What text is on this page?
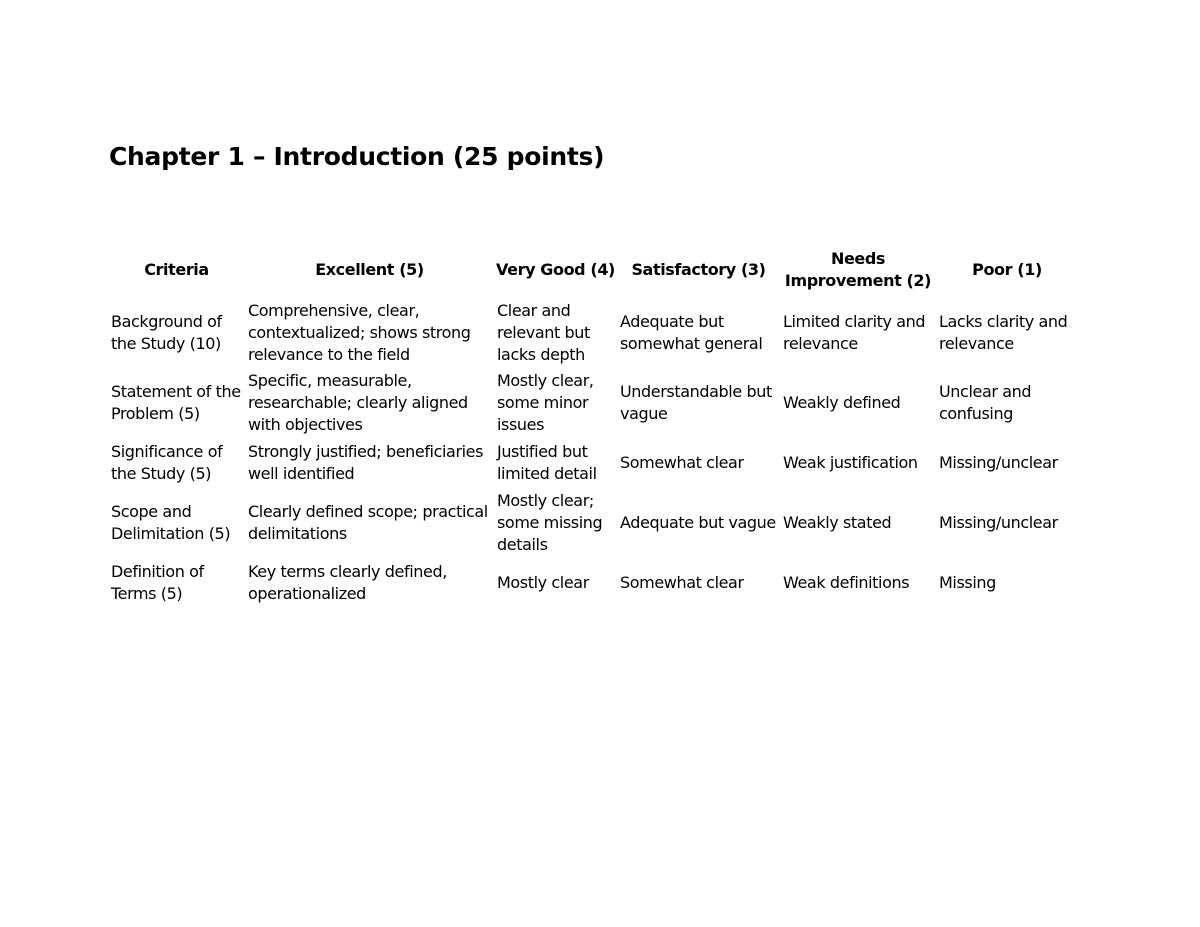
Chapter 1 – Introduction (25 points)
Criteria	Excellent (5)	Very Good (4)	Satisfactory (3)	Needs Improvement (2)	Poor (1)
Background of the Study (10)	Comprehensive, clear, contextualized; shows strong relevance to the field	Clear and relevant but lacks depth	Adequate but somewhat general	Limited clarity and relevance	Lacks clarity and relevance
Statement of the Problem (5)	Specific, measurable, researchable; clearly aligned with objectives	Mostly clear, some minor issues	Understandable but vague	Weakly defined	Unclear and confusing
Significance of the Study (5)	Strongly justified; beneficiaries well identified	Justified but limited detail	Somewhat clear	Weak justification	Missing/unclear
Scope and Delimitation (5)	Clearly defined scope; practical delimitations	Mostly clear; some missing details	Adequate but vague	Weakly stated	Missing/unclear
Definition of Terms (5)	Key terms clearly defined, operationalized	Mostly clear	Somewhat clear	Weak definitions	Missing
